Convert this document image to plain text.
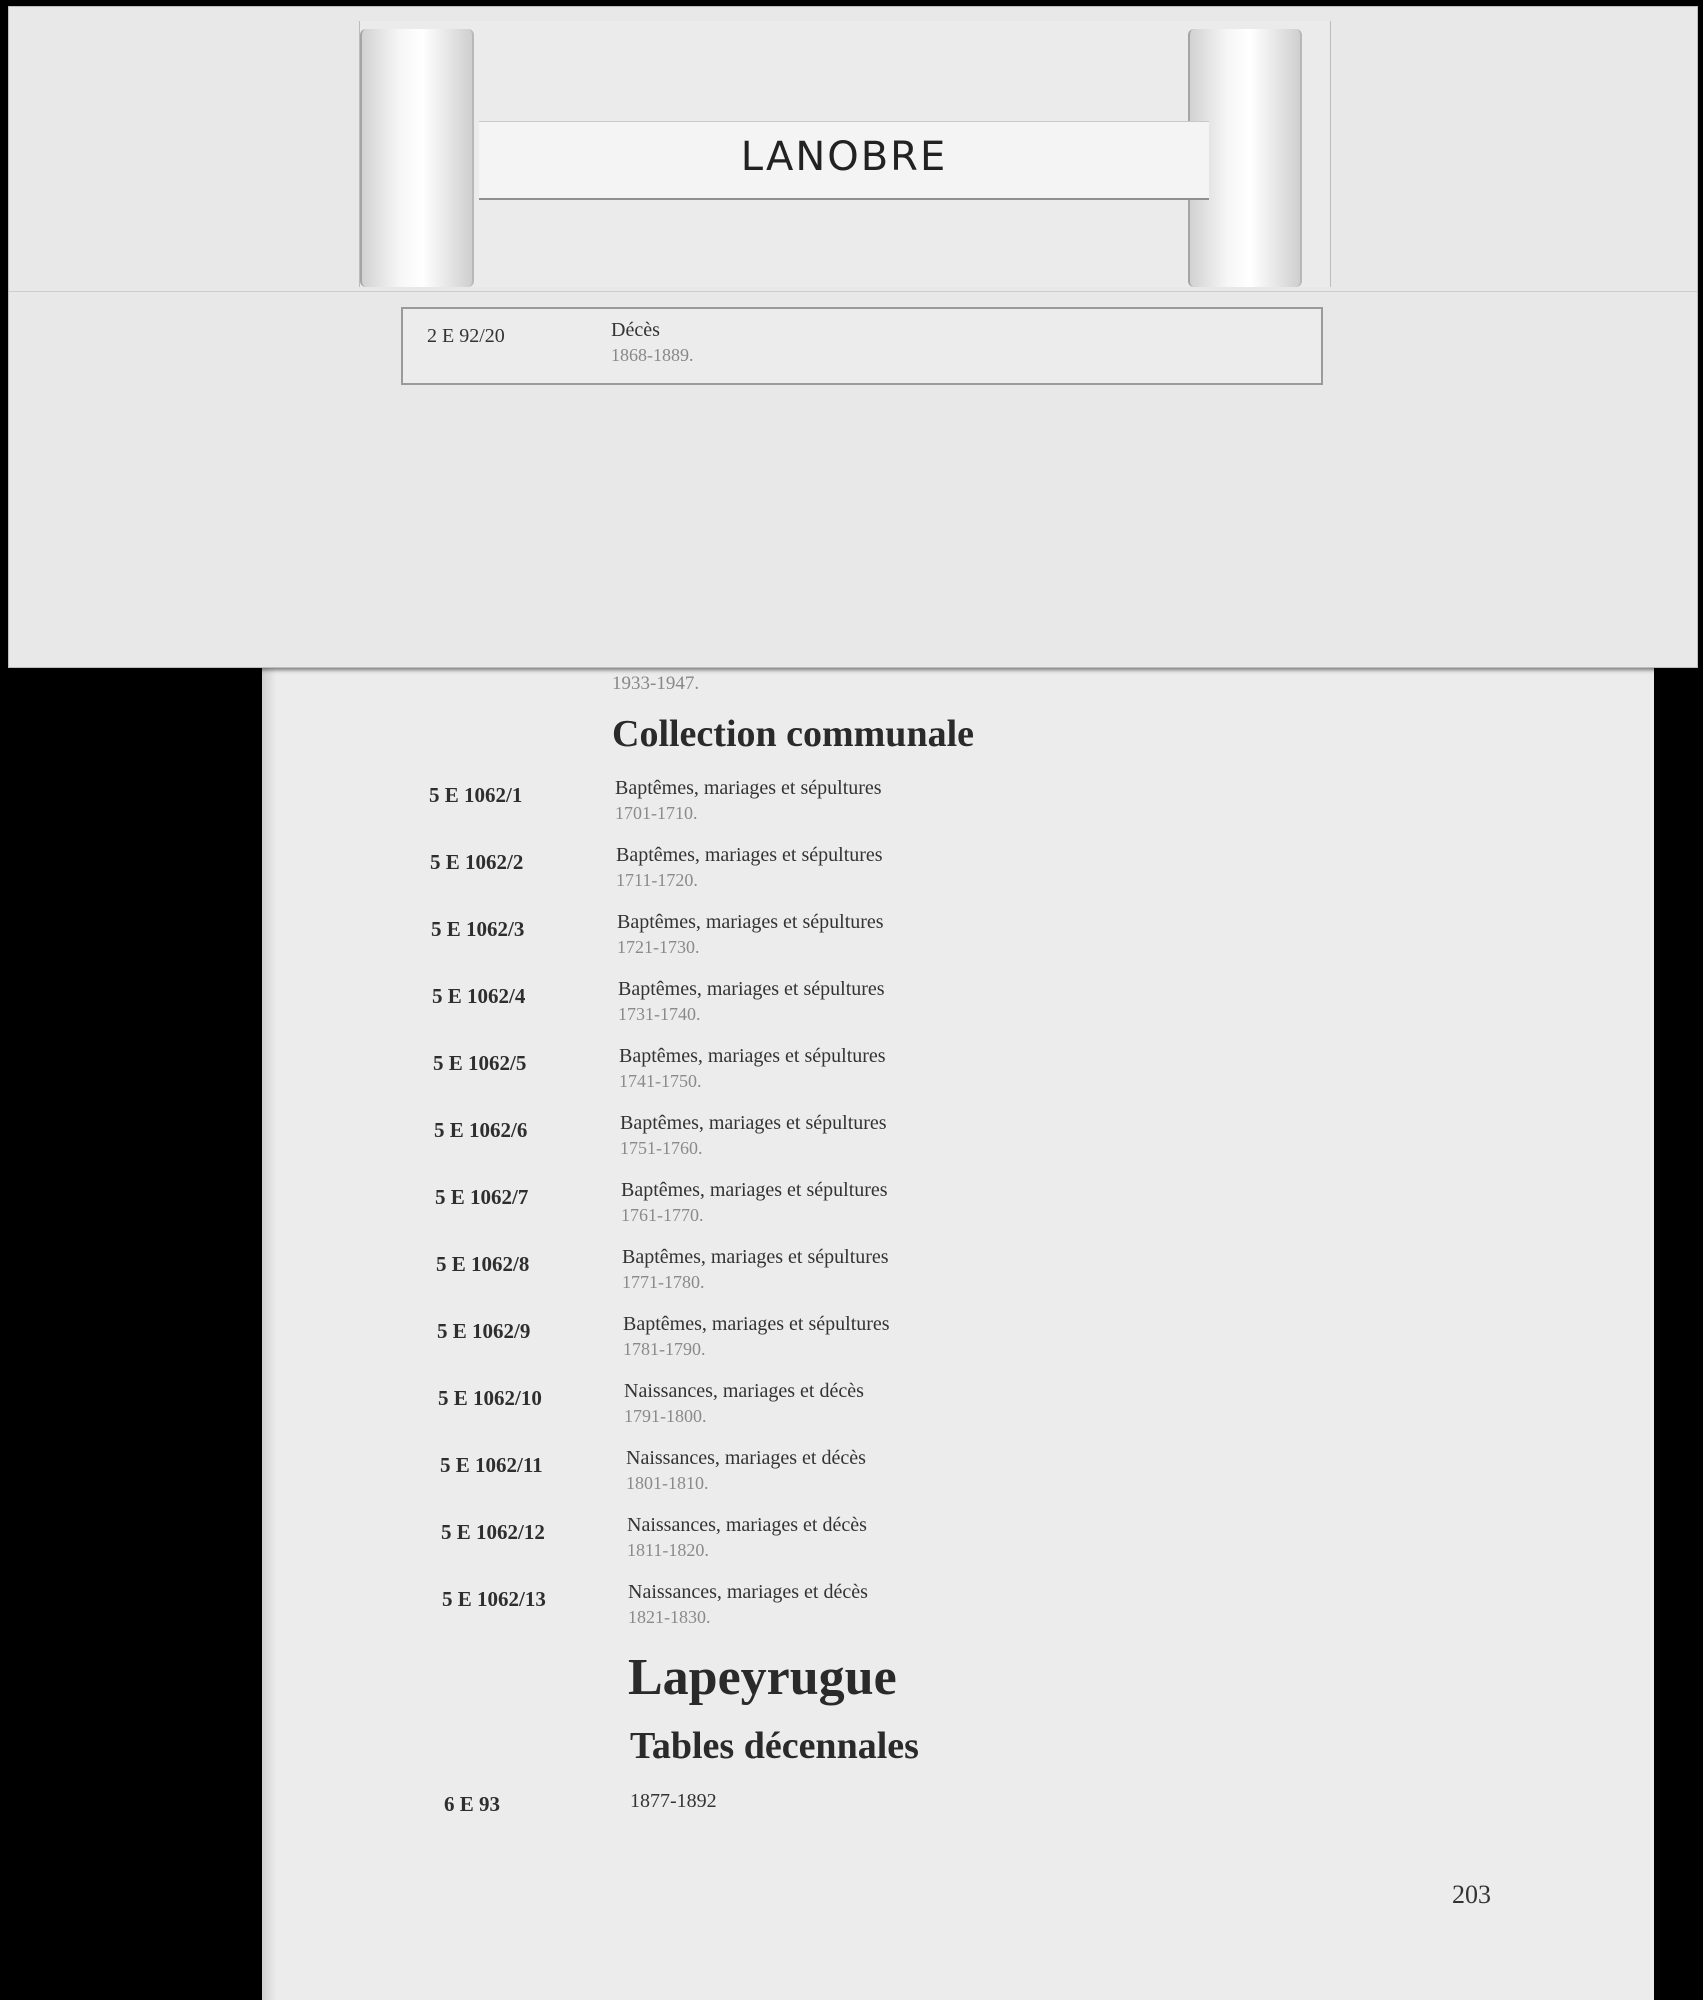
1933-1947.
Collection communale
5 E 1062/1	Baptêmes, mariages et sépultures
1701-1710.
5 E 1062/2	Baptêmes, mariages et sépultures
1711-1720.
5 E 1062/3	Baptêmes, mariages et sépultures
1721-1730.
5 E 1062/4	Baptêmes, mariages et sépultures
1731-1740.
5 E 1062/5	Baptêmes, mariages et sépultures
1741-1750.
5 E 1062/6	Baptêmes, mariages et sépultures
1751-1760.
5 E 1062/7	Baptêmes, mariages et sépultures
1761-1770.
5 E 1062/8	Baptêmes, mariages et sépultures
1771-1780.
5 E 1062/9	Baptêmes, mariages et sépultures
1781-1790.
5 E 1062/10	Naissances, mariages et décès
1791-1800.
5 E 1062/11	Naissances, mariages et décès
1801-1810.
5 E 1062/12	Naissances, mariages et décès
1811-1820.
5 E 1062/13	Naissances, mariages et décès
1821-1830.
Lapeyrugue
Tables décennales
6 E 93	1877-1892
203
LANOBRE
2 E 92/20	Décès
1868-1889.
